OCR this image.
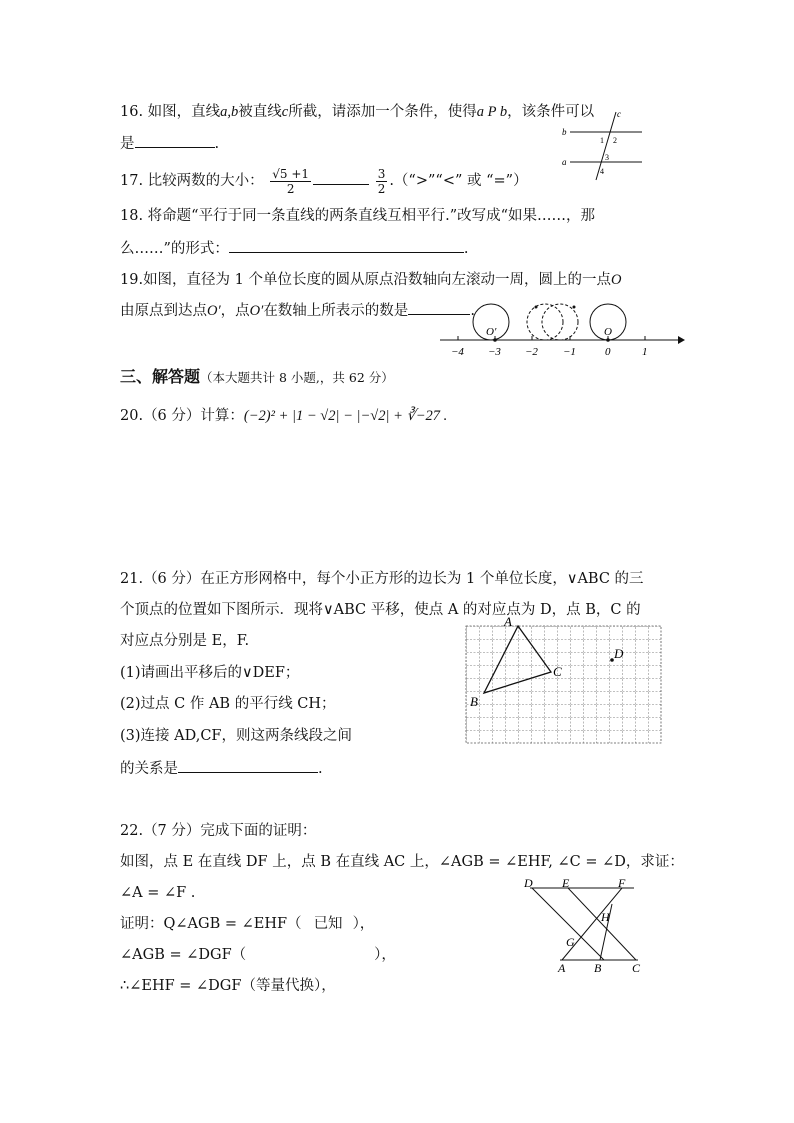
16. 如图，直线a,b被直线c所截，请添加一个条件，使得a P b，该条件可以
是	.
b
a
c
1 2
3
4
17. 比较两数的大小： $\frac{√5 +1}{2}$
	$\frac{3}{2}$ .（“>”“<” 或 “=”）
18. 将命题“平行于同一条直线的两条直线互相平行.”改写成“如果……，那
么……”的形式：	.
19.如图，直径为 1 个单位长度的圆从原点沿数轴向左滚动一周，圆上的一点O
由原点到达点O′，点O′在数轴上所表示的数是	.
O′	O
−4 −3 −2 −1	0	1
三、解答题（本大题共计 8 小题,，共 62 分）
20.（6 分）计算：(−2)² + |1 − √2| − |−√2| + ∛−27 .
21.（6 分）在正方形网格中，每个小正方形的边长为 1 个单位长度，∨ABC 的三
个顶点的位置如下图所示．现将∨ABC 平移，使点 A 的对应点为 D，点 B，C 的
对应点分别是 E，F.
(1)请画出平移后的∨DEF；
(2)过点 C 作 AB 的平行线 CH；
(3)连接 AD,CF，则这两条线段之间
的关系是	.
A
B
C
D
22.（7 分）完成下面的证明：
如图，点 E 在直线 DF 上，点 B 在直线 AC 上，∠AGB = ∠EHF, ∠C = ∠D，求证：
∠A = ∠F .
证明：Q∠AGB = ∠EHF（ 已知 ），
∠AGB = ∠DGF（	），
∴∠EHF = ∠DGF（等量代换），
D E	F
H
G
A B	C
